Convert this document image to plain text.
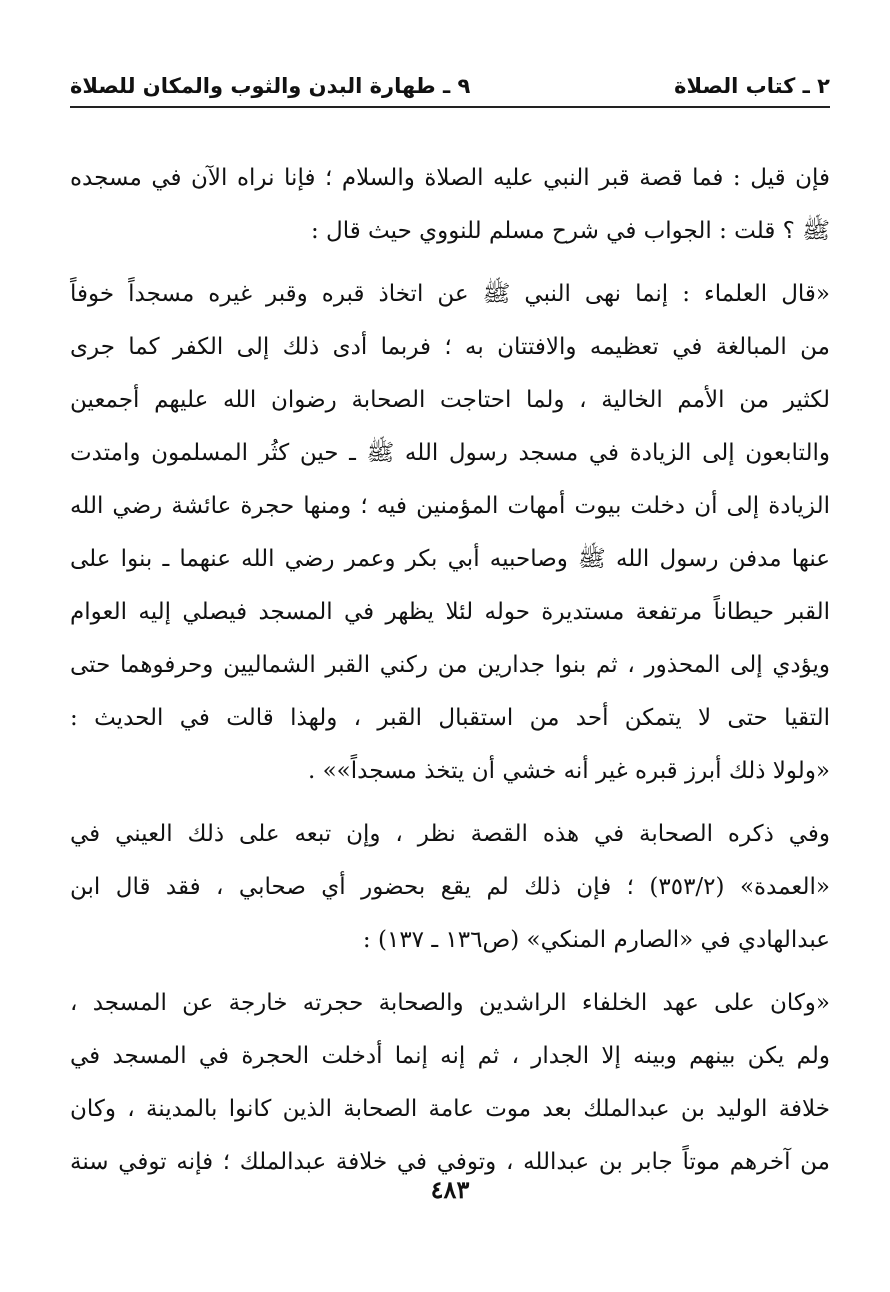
٢ ـ كتاب الصلاة
٩ ـ طهارة البدن والثوب والمكان للصلاة

فإن قيل : فما قصة قبر النبي عليه الصلاة والسلام ؛ فإنا نراه الآن في مسجده
ﷺ ؟ قلت : الجواب في شرح مسلم للنووي حيث قال :

«قال العلماء : إنما نهى النبي ﷺ عن اتخاذ قبره وقبر غيره مسجداً خوفاً
من المبالغة في تعظيمه والافتتان به ؛ فربما أدى ذلك إلى الكفر كما جرى
لكثير من الأمم الخالية ، ولما احتاجت الصحابة رضوان الله عليهم أجمعين
والتابعون إلى الزيادة في مسجد رسول الله ﷺ ـ حين كثُر المسلمون وامتدت
الزيادة إلى أن دخلت بيوت أمهات المؤمنين فيه ؛ ومنها حجرة عائشة رضي الله
عنها مدفن رسول الله ﷺ وصاحبيه أبي بكر وعمر رضي الله عنهما ـ بنوا على
القبر حيطاناً مرتفعة مستديرة حوله لئلا يظهر في المسجد فيصلي إليه العوام
ويؤدي إلى المحذور ، ثم بنوا جدارين من ركني القبر الشماليين وحرفوهما حتى
التقيا حتى لا يتمكن أحد من استقبال القبر ، ولهذا قالت في الحديث :
«ولولا ذلك أبرز قبره غير أنه خشي أن يتخذ مسجداً»» .

وفي ذكره الصحابة في هذه القصة نظر ، وإن تبعه على ذلك العيني في
«العمدة» (٣٥٣/٢) ؛ فإن ذلك لم يقع بحضور أي صحابي ، فقد قال ابن
عبدالهادي في «الصارم المنكي» (ص١٣٦ ـ ١٣٧) :

«وكان على عهد الخلفاء الراشدين والصحابة حجرته خارجة عن المسجد ،
ولم يكن بينهم وبينه إلا الجدار ، ثم إنه إنما أدخلت الحجرة في المسجد في
خلافة الوليد بن عبدالملك بعد موت عامة الصحابة الذين كانوا بالمدينة ، وكان
من آخرهم موتاً جابر بن عبدالله ، وتوفي في خلافة عبدالملك ؛ فإنه توفي سنة

٤٨٣
